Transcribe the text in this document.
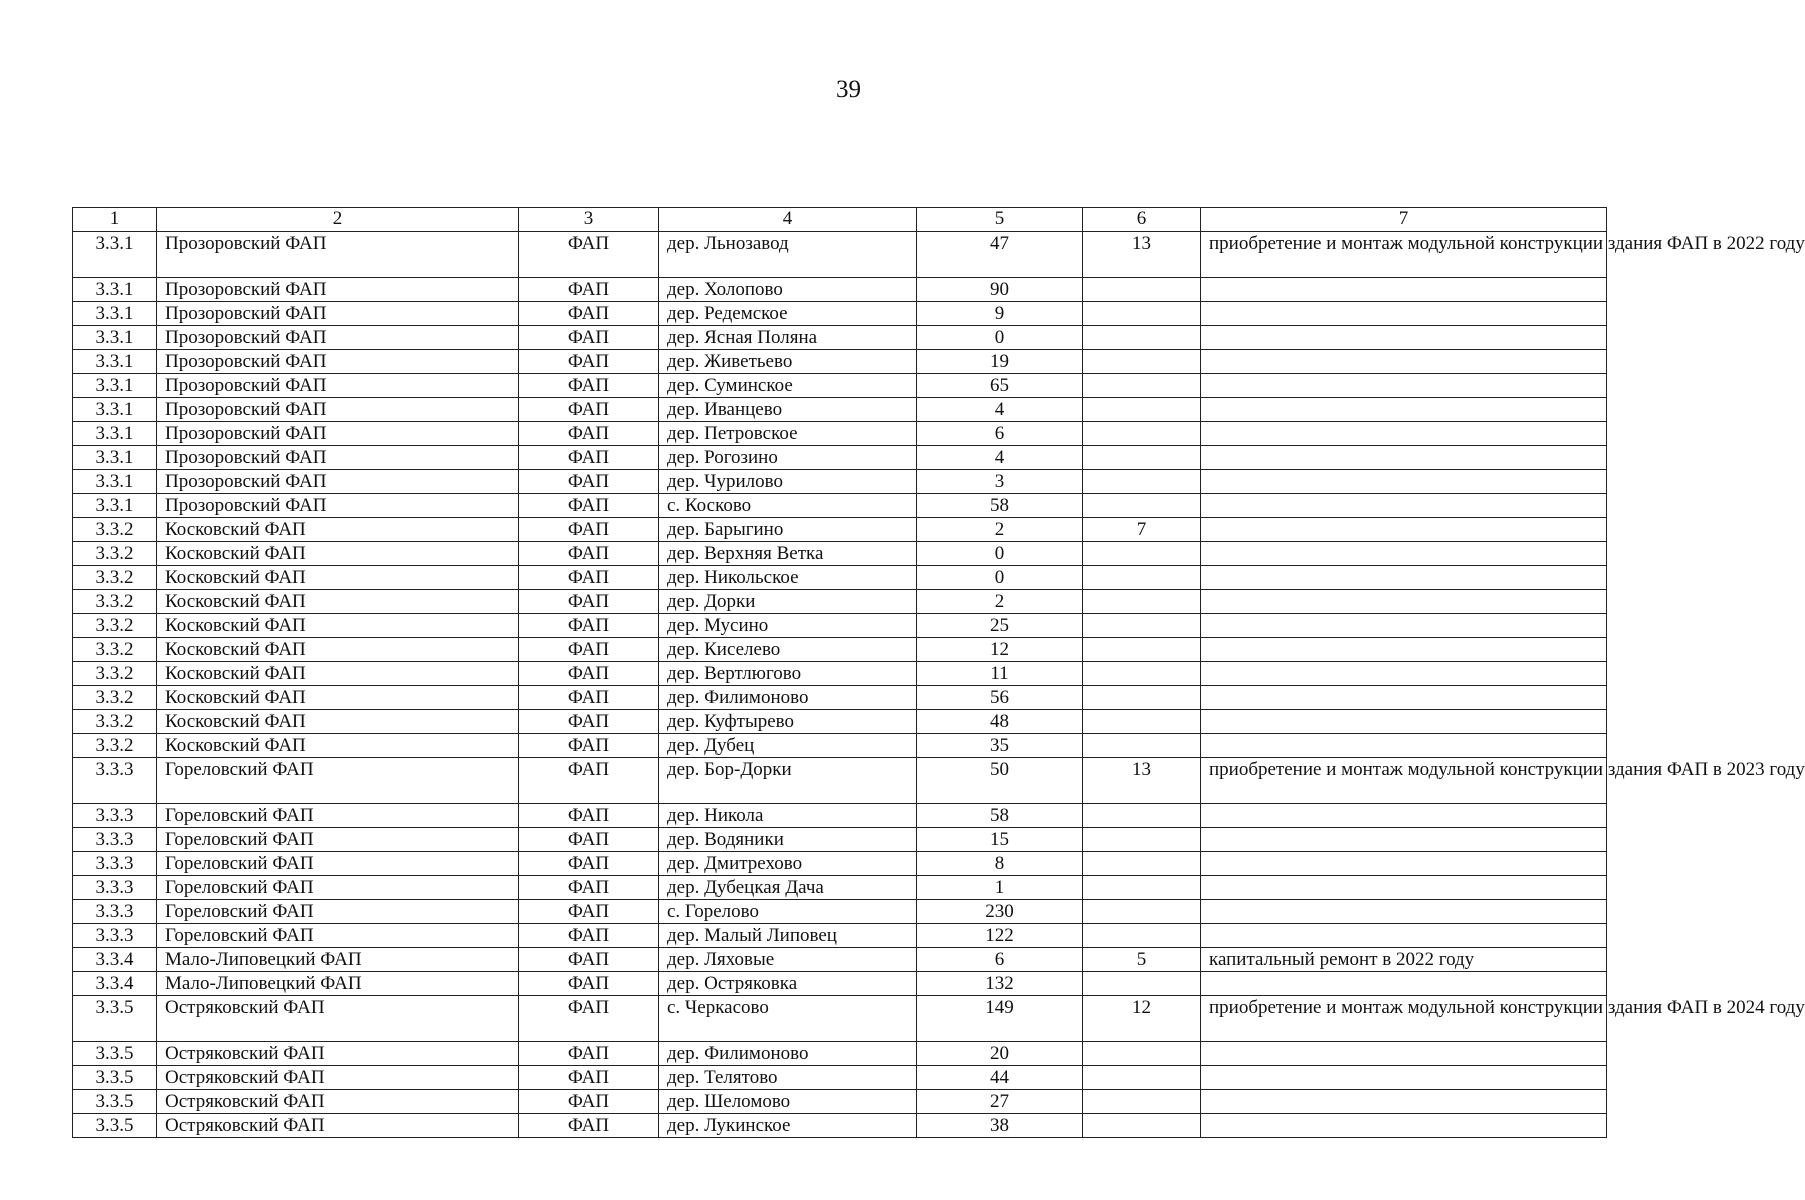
39
1	2	3	4	5	6	7
3.3.1	Прозоровский ФАП	ФАП	дер. Льнозавод	47	13	приобретение и монтаж модульной конструкции здания ФАП в 2022 году
3.3.1	Прозоровский ФАП	ФАП	дер. Холопово	90		
3.3.1	Прозоровский ФАП	ФАП	дер. Редемское	9		
3.3.1	Прозоровский ФАП	ФАП	дер. Ясная Поляна	0		
3.3.1	Прозоровский ФАП	ФАП	дер. Живетьево	19		
3.3.1	Прозоровский ФАП	ФАП	дер. Суминское	65		
3.3.1	Прозоровский ФАП	ФАП	дер. Иванцево	4		
3.3.1	Прозоровский ФАП	ФАП	дер. Петровское	6		
3.3.1	Прозоровский ФАП	ФАП	дер. Рогозино	4		
3.3.1	Прозоровский ФАП	ФАП	дер. Чурилово	3		
3.3.1	Прозоровский ФАП	ФАП	с. Косково	58		
3.3.2	Косковский ФАП	ФАП	дер. Барыгино	2	7	
3.3.2	Косковский ФАП	ФАП	дер. Верхняя Ветка	0		
3.3.2	Косковский ФАП	ФАП	дер. Никольское	0		
3.3.2	Косковский ФАП	ФАП	дер. Дорки	2		
3.3.2	Косковский ФАП	ФАП	дер. Мусино	25		
3.3.2	Косковский ФАП	ФАП	дер. Киселево	12		
3.3.2	Косковский ФАП	ФАП	дер. Вертлюгово	11		
3.3.2	Косковский ФАП	ФАП	дер. Филимоново	56		
3.3.2	Косковский ФАП	ФАП	дер. Куфтырево	48		
3.3.2	Косковский ФАП	ФАП	дер. Дубец	35		
3.3.3	Гореловский ФАП	ФАП	дер. Бор-Дорки	50	13	приобретение и монтаж модульной конструкции здания ФАП в 2023 году
3.3.3	Гореловский ФАП	ФАП	дер. Никола	58		
3.3.3	Гореловский ФАП	ФАП	дер. Водяники	15		
3.3.3	Гореловский ФАП	ФАП	дер. Дмитрехово	8		
3.3.3	Гореловский ФАП	ФАП	дер. Дубецкая Дача	1		
3.3.3	Гореловский ФАП	ФАП	с. Горелово	230		
3.3.3	Гореловский ФАП	ФАП	дер. Малый Липовец	122		
3.3.4	Мало-Липовецкий ФАП	ФАП	дер. Ляховые	6	5	капитальный ремонт в 2022 году
3.3.4	Мало-Липовецкий ФАП	ФАП	дер. Остряковка	132		
3.3.5	Остряковский ФАП	ФАП	с. Черкасово	149	12	приобретение и монтаж модульной конструкции здания ФАП в 2024 году
3.3.5	Остряковский ФАП	ФАП	дер. Филимоново	20		
3.3.5	Остряковский ФАП	ФАП	дер. Телятово	44		
3.3.5	Остряковский ФАП	ФАП	дер. Шеломово	27		
3.3.5	Остряковский ФАП	ФАП	дер. Лукинское	38		
